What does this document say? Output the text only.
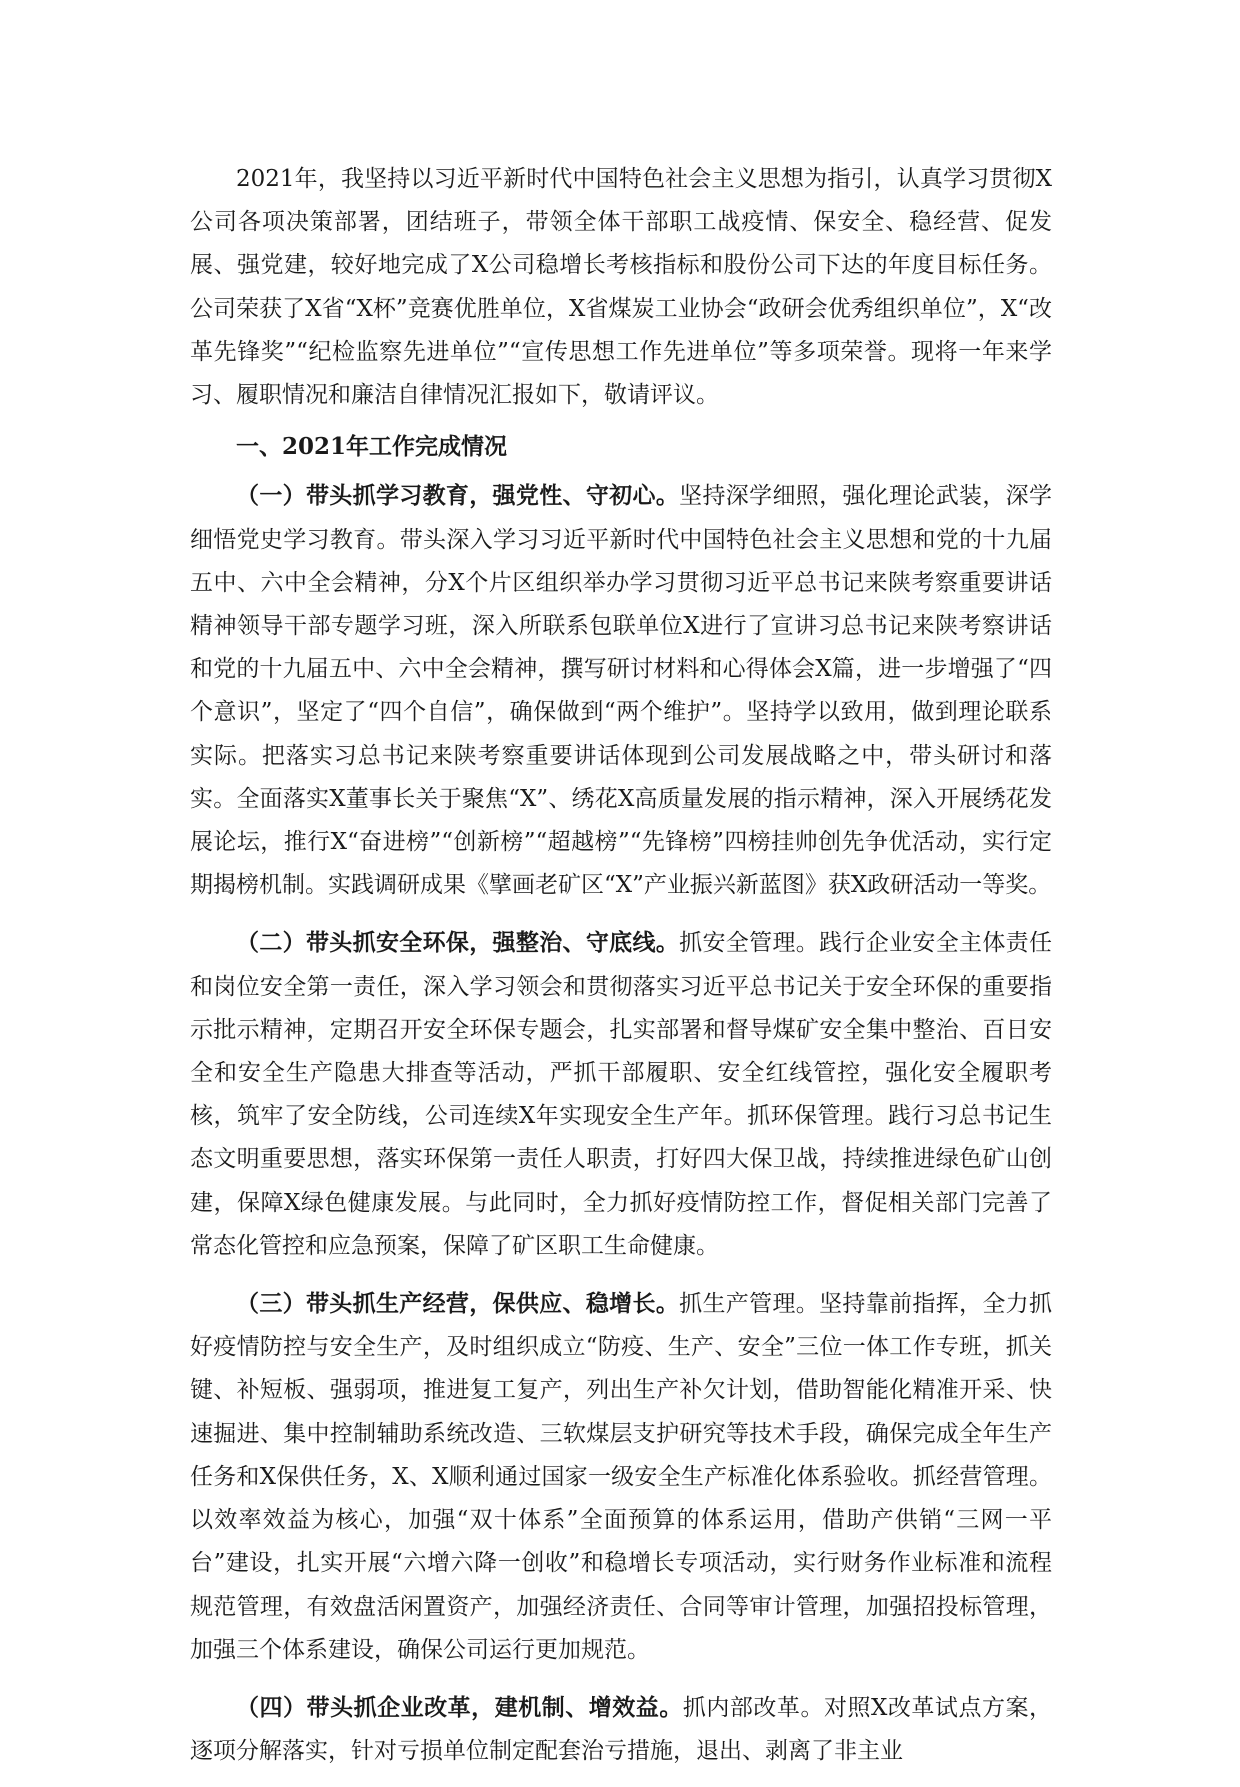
2021年，我坚持以习近平新时代中国特色社会主义思想为指引，认真学习贯彻X公司各项决策部署，团结班子，带领全体干部职工战疫情、保安全、稳经营、促发展、强党建，较好地完成了X公司稳增长考核指标和股份公司下达的年度目标任务。公司荣获了X省“X杯”竞赛优胜单位，X省煤炭工业协会“政研会优秀组织单位”，X“改革先锋奖”“纪检监察先进单位”“宣传思想工作先进单位”等多项荣誉。现将一年来学习、履职情况和廉洁自律情况汇报如下，敬请评议。

一、2021年工作完成情况

（一）带头抓学习教育，强党性、守初心。坚持深学细照，强化理论武装，深学细悟党史学习教育。带头深入学习习近平新时代中国特色社会主义思想和党的十九届五中、六中全会精神，分X个片区组织举办学习贯彻习近平总书记来陕考察重要讲话精神领导干部专题学习班，深入所联系包联单位X进行了宣讲习总书记来陕考察讲话和党的十九届五中、六中全会精神，撰写研讨材料和心得体会X篇，进一步增强了“四个意识”，坚定了“四个自信”，确保做到“两个维护”。坚持学以致用，做到理论联系实际。把落实习总书记来陕考察重要讲话体现到公司发展战略之中，带头研讨和落实。全面落实X董事长关于聚焦“X”、绣花X高质量发展的指示精神，深入开展绣花发展论坛，推行X“奋进榜”“创新榜”“超越榜”“先锋榜”四榜挂帅创先争优活动，实行定期揭榜机制。实践调研成果《擘画老矿区“X”产业振兴新蓝图》获X政研活动一等奖。

（二）带头抓安全环保，强整治、守底线。抓安全管理。践行企业安全主体责任和岗位安全第一责任，深入学习领会和贯彻落实习近平总书记关于安全环保的重要指示批示精神，定期召开安全环保专题会，扎实部署和督导煤矿安全集中整治、百日安全和安全生产隐患大排查等活动，严抓干部履职、安全红线管控，强化安全履职考核，筑牢了安全防线，公司连续X年实现安全生产年。抓环保管理。践行习总书记生态文明重要思想，落实环保第一责任人职责，打好四大保卫战，持续推进绿色矿山创建，保障X绿色健康发展。与此同时，全力抓好疫情防控工作，督促相关部门完善了常态化管控和应急预案，保障了矿区职工生命健康。

（三）带头抓生产经营，保供应、稳增长。抓生产管理。坚持靠前指挥，全力抓好疫情防控与安全生产，及时组织成立“防疫、生产、安全”三位一体工作专班，抓关键、补短板、强弱项，推进复工复产，列出生产补欠计划，借助智能化精准开采、快速掘进、集中控制辅助系统改造、三软煤层支护研究等技术手段，确保完成全年生产任务和X保供任务，X、X顺利通过国家一级安全生产标准化体系验收。抓经营管理。以效率效益为核心，加强“双十体系”全面预算的体系运用，借助产供销“三网一平台”建设，扎实开展“六增六降一创收”和稳增长专项活动，实行财务作业标准和流程规范管理，有效盘活闲置资产，加强经济责任、合同等审计管理，加强招投标管理，加强三个体系建设，确保公司运行更加规范。

（四）带头抓企业改革，建机制、增效益。抓内部改革。对照X改革试点方案，逐项分解落实，针对亏损单位制定配套治亏措施，退出、剥离了非主业
